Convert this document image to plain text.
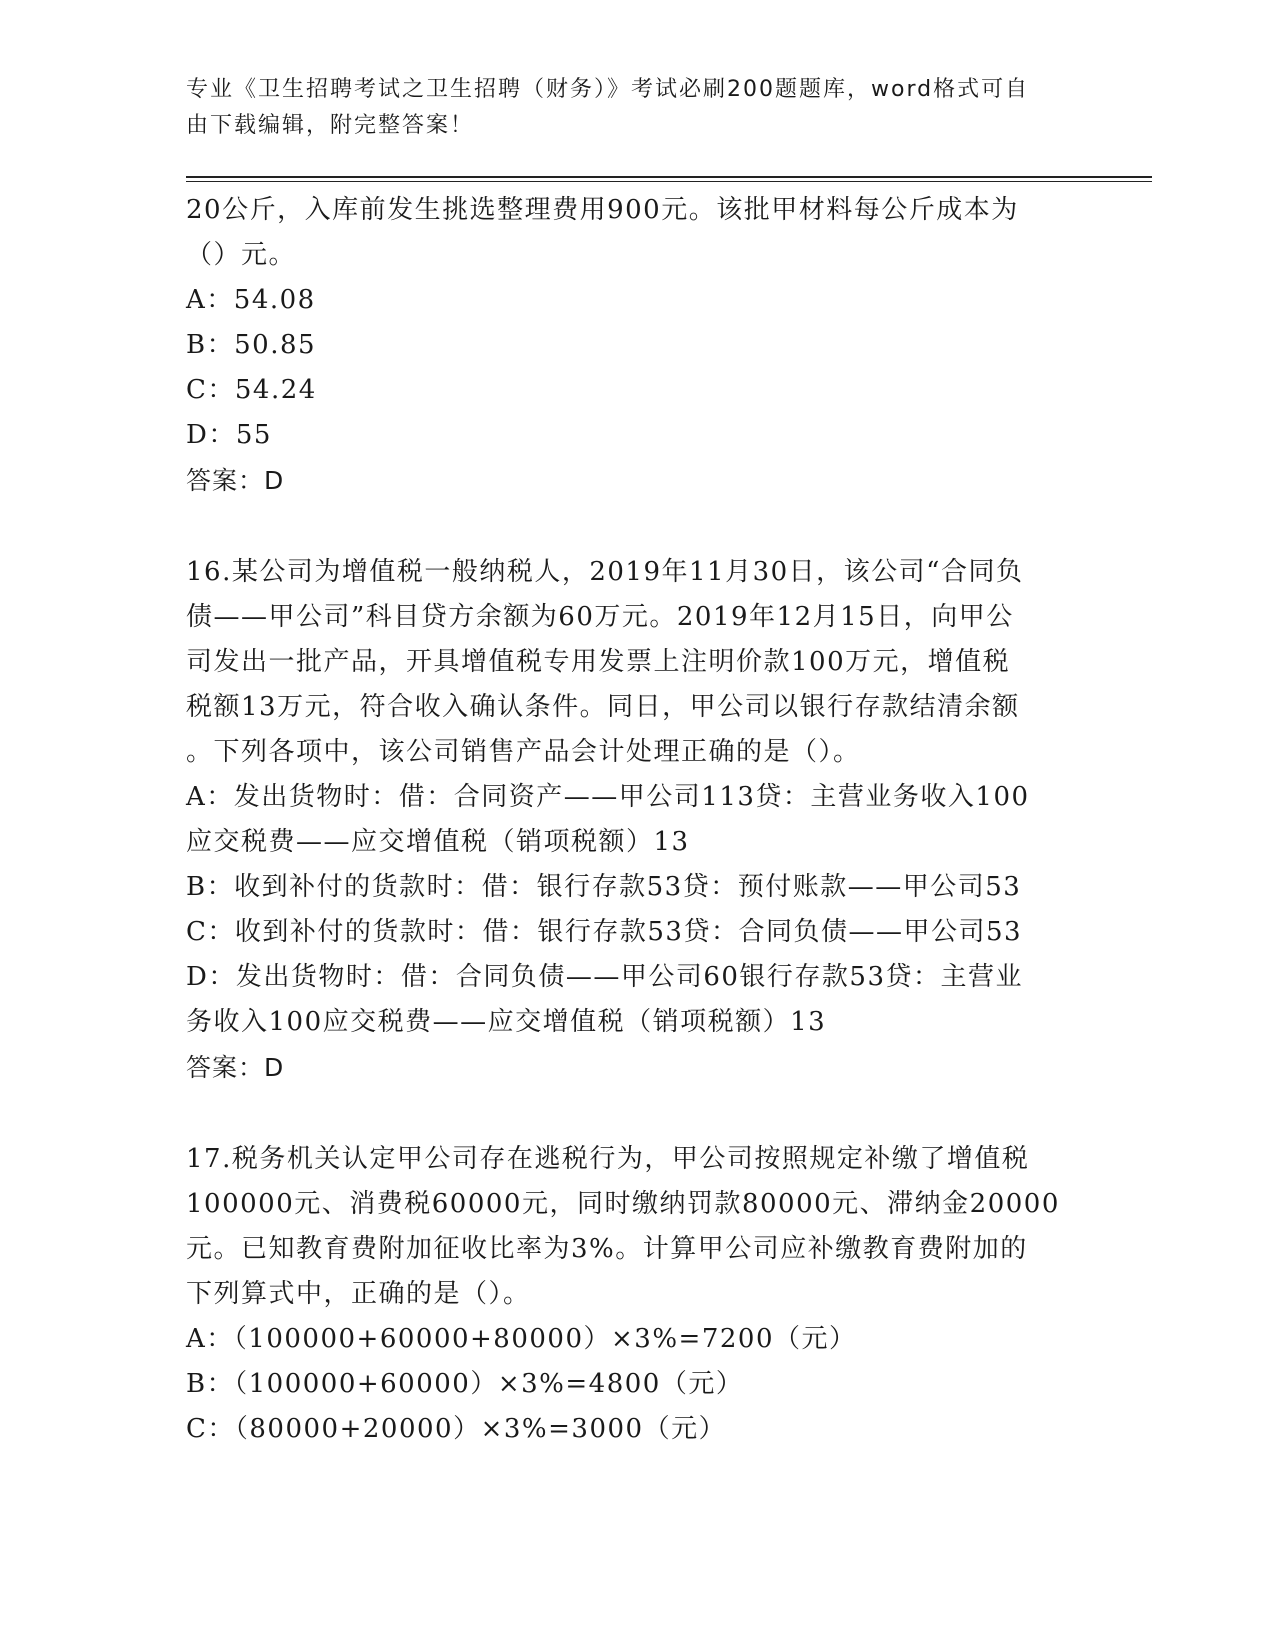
专业《卫生招聘考试之卫生招聘（财务）》考试必刷200题题库，word格式可自
由下载编辑，附完整答案！
20公斤，入库前发生挑选整理费用900元。该批甲材料每公斤成本为
（）元。
A：54.08
B：50.85
C：54.24
D：55
答案：D
16.某公司为增值税一般纳税人，2019年11月30日，该公司“合同负
债——甲公司”科目贷方余额为60万元。2019年12月15日，向甲公
司发出一批产品，开具增值税专用发票上注明价款100万元，增值税
税额13万元，符合收入确认条件。同日，甲公司以银行存款结清余额
。下列各项中，该公司销售产品会计处理正确的是（）。
A：发出货物时：借：合同资产——甲公司113贷：主营业务收入100
应交税费——应交增值税（销项税额）13
B：收到补付的货款时：借：银行存款53贷：预付账款——甲公司53
C：收到补付的货款时：借：银行存款53贷：合同负债——甲公司53
D：发出货物时：借：合同负债——甲公司60银行存款53贷：主营业
务收入100应交税费——应交增值税（销项税额）13
答案：D
17.税务机关认定甲公司存在逃税行为，甲公司按照规定补缴了增值税
100000元、消费税60000元，同时缴纳罚款80000元、滞纳金20000
元。已知教育费附加征收比率为3%。计算甲公司应补缴教育费附加的
下列算式中，正确的是（）。
A：（100000+60000+80000）×3%=7200（元）
B：（100000+60000）×3%=4800（元）
C：（80000+20000）×3%=3000（元）
